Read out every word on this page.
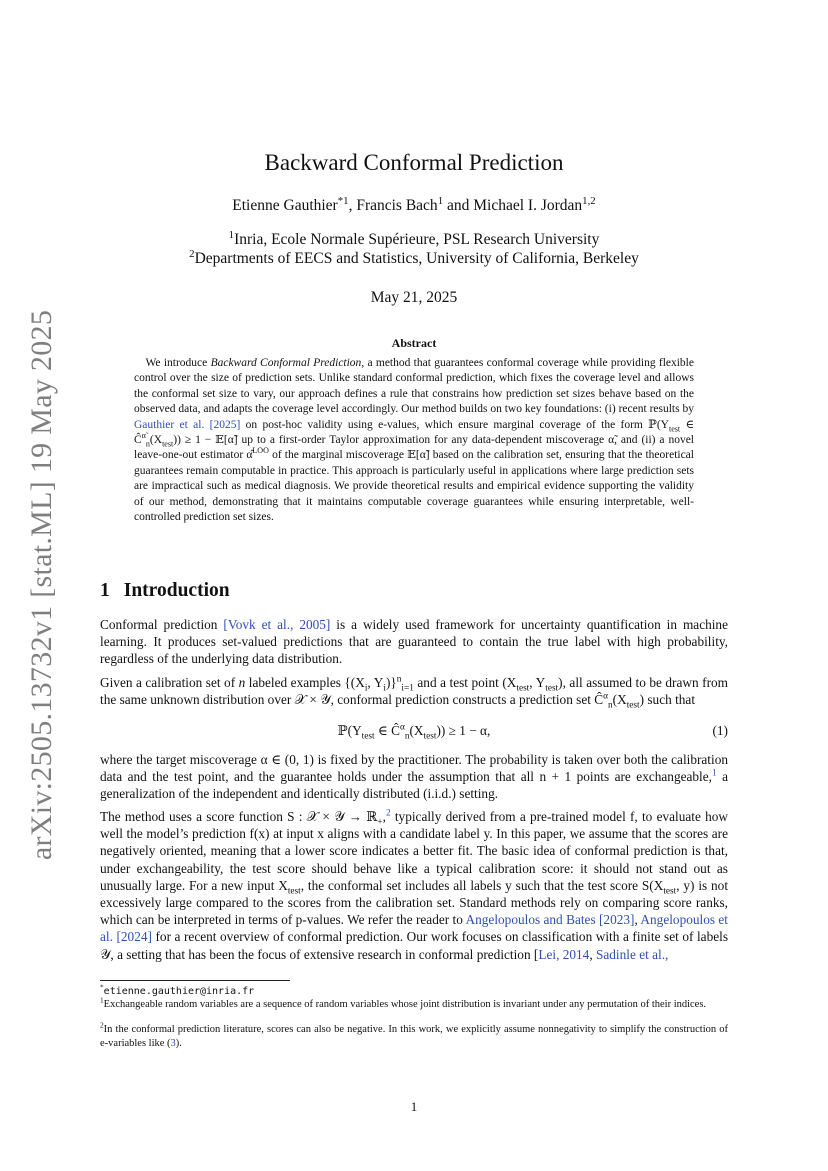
arXiv:2505.13732v1 [stat.ML] 19 May 2025
Backward Conformal Prediction
Etienne Gauthier$^{*1}$, Francis Bach$^1$ and Michael I. Jordan$^{1,2}$
$^1$Inria, Ecole Normale Supérieure, PSL Research University
$^2$Departments of EECS and Statistics, University of California, Berkeley
May 21, 2025
Abstract
 We introduce Backward Conformal Prediction, a method that guarantees conformal coverage while providing flexible control over the size of prediction sets. Unlike standard conformal prediction, which fixes the coverage level and allows the conformal set size to vary, our approach defines a rule that constrains how prediction set sizes behave based on the observed data, and adapts the coverage level accordingly. Our method builds on two key foundations: (i) recent results by Gauthier et al. [2025] on post-hoc validity using e-values, which ensure marginal coverage of the form $ℙ(Y_{test}$ ∈ $Ĉ^{\alphã}_n(X_{test})) \ge 1$ − 𝔼[α̃] up to a first-order Taylor approximation for any data-dependent miscoverage α̃, and (ii) a novel leave-one-out estimator α̂$^{LOO}$ of the marginal miscoverage 𝔼[α̃] based on the calibration set, ensuring that the theoretical guarantees remain computable in practice. This approach is particularly useful in applications where large prediction sets are impractical such as medical diagnosis. We provide theoretical results and empirical evidence supporting the validity of our method, demonstrating that it maintains computable coverage guarantees while ensuring interpretable, well-controlled prediction set sizes.
1 Introduction
Conformal prediction [Vovk et al., 2005] is a widely used framework for uncertainty quantification in machine learning. It produces set-valued predictions that are guaranteed to contain the true label with high probability, regardless of the underlying data distribution.
Given a calibration set of n labeled examples {($X_i$, $Y_i)\}^n_{i=1}$ and a test point ($X_{test}$, $Y_{test}$), all assumed to be drawn from the same unknown distribution over 𝒳 × 𝒴, conformal prediction constructs a prediction set $Ĉ^\alpha_n(X_{test})$ such that
$ℙ(Y_{test}$ ∈ $Ĉ^\alpha_n(X_{test})) \ge 1 - \alpha$,	(1)
where the target miscoverage α ∈ (0, 1) is fixed by the practitioner. The probability is taken over both the calibration data and the test point, and the guarantee holds under the assumption that all n + 1 points are exchangeable,$^1$ a generalization of the independent and identically distributed (i.i.d.) setting.
The method uses a score function S : 𝒳 × 𝒴 → ℝ$_+$,$^2$ typically derived from a pre-trained model f, to evaluate how well the model’s prediction f(x) at input x aligns with a candidate label y. In this paper, we assume that the scores are negatively oriented, meaning that a lower score indicates a better fit. The basic idea of conformal prediction is that, under exchangeability, the test score should behave like a typical calibration score: it should not stand out as unusually large. For a new input $X_{test}$, the conformal set includes all labels y such that the test score $S(X_{test}$, y) is not excessively large compared to the scores from the calibration set. Standard methods rely on comparing score ranks, which can be interpreted in terms of p-values. We refer the reader to Angelopoulos and Bates [2023], Angelopoulos et al. [2024] for a recent overview of conformal prediction. Our work focuses on classification with a finite set of labels 𝒴, a setting that has been the focus of extensive research in conformal prediction [Lei, 2014, Sadinle et al.,
*etienne.gauthier@inria.fr
$^1$Exchangeable random variables are a sequence of random variables whose joint distribution is invariant under any permutation of their indices.
$^2$In the conformal prediction literature, scores can also be negative. In this work, we explicitly assume nonnegativity to simplify the construction of e-variables like (3).
1
